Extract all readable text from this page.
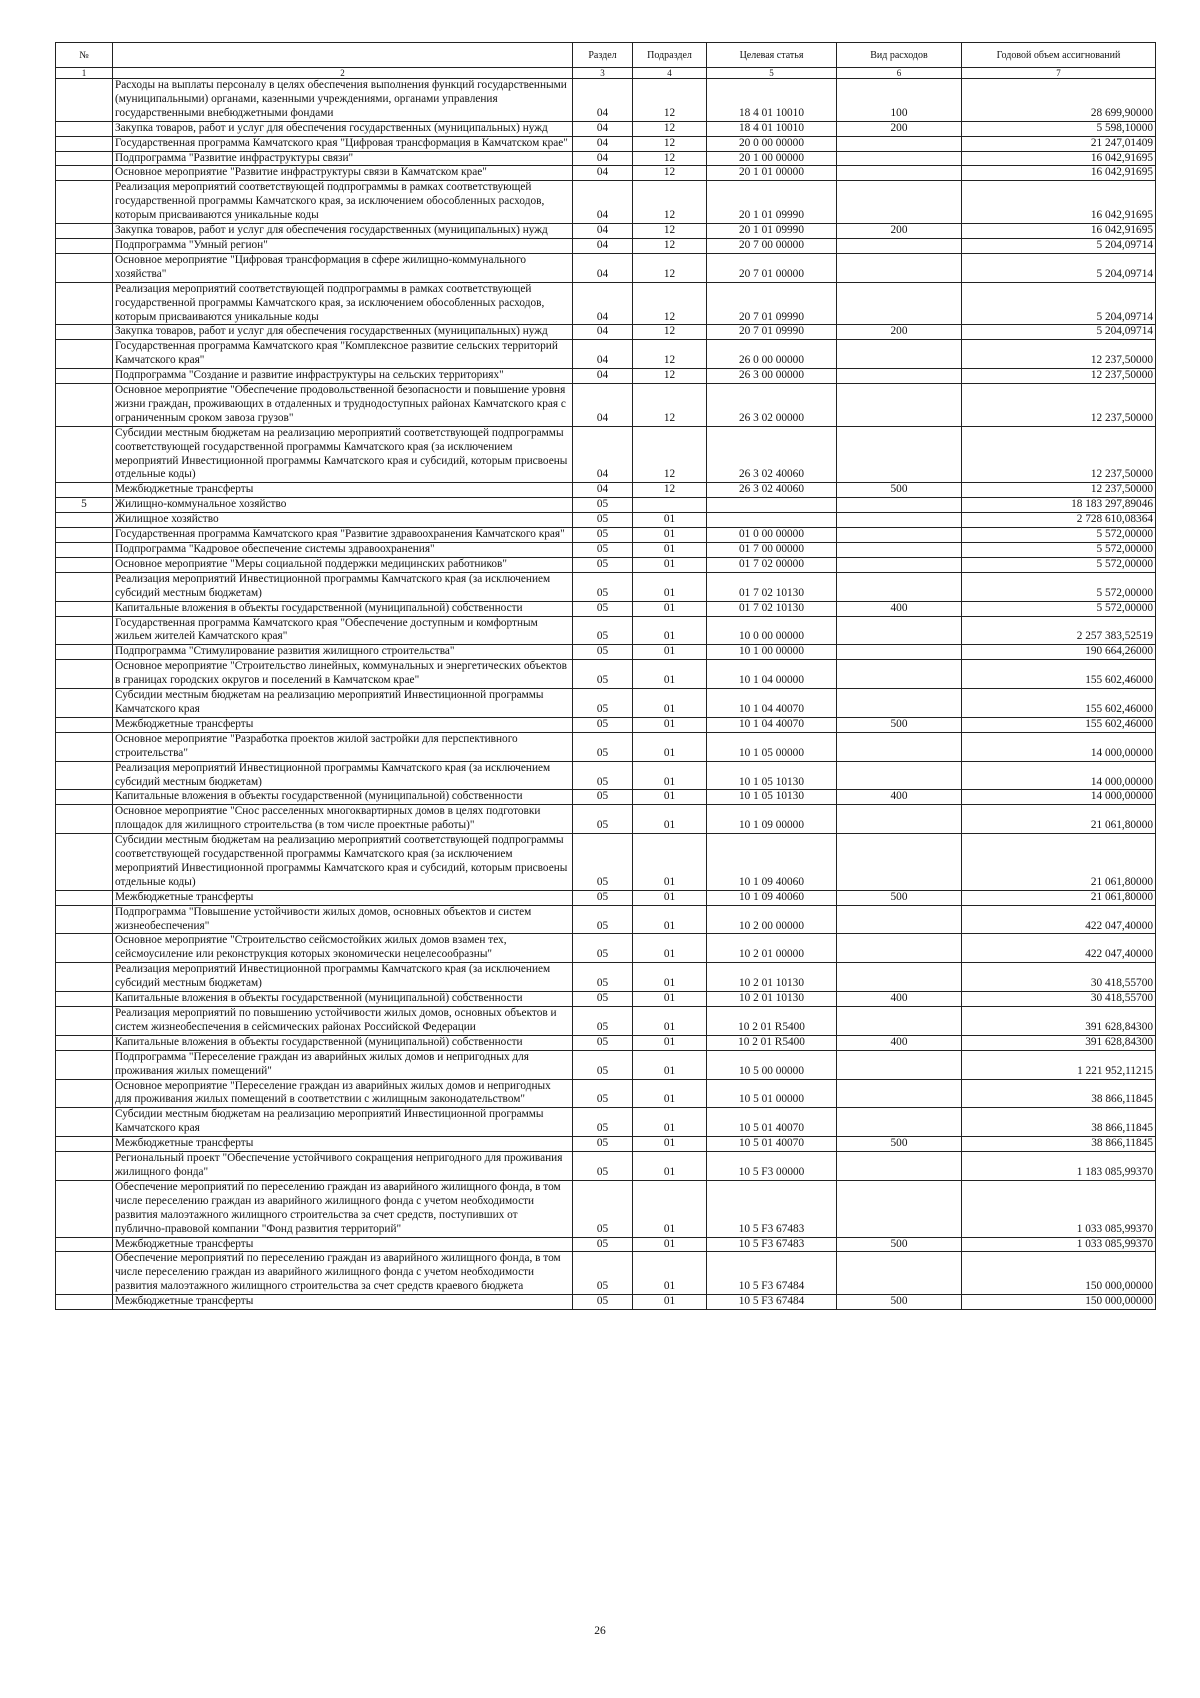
№		Раздел	Подраздел	Целевая статья	Вид расходов	Годовой объем ассигнований
1	2	3	4	5	6	7
	Расходы на выплаты персоналу в целях обеспечения выполнения функций государственными (муниципальными) органами, казенными учреждениями, органами управления государственными внебюджетными фондами	04	12	18 4 01 10010	100	28 699,90000
	Закупка товаров, работ и услуг для обеспечения государственных (муниципальных) нужд	04	12	18 4 01 10010	200	5 598,10000
	Государственная программа Камчатского края "Цифровая трансформация в Камчатском крае"	04	12	20 0 00 00000		21 247,01409
	Подпрограмма "Развитие инфраструктуры связи"	04	12	20 1 00 00000		16 042,91695
	Основное мероприятие "Развитие инфраструктуры связи в Камчатском крае"	04	12	20 1 01 00000		16 042,91695
	Реализация мероприятий соответствующей подпрограммы в рамках соответствующей государственной программы Камчатского края, за исключением обособленных расходов, которым присваиваются уникальные коды	04	12	20 1 01 09990		16 042,91695
	Закупка товаров, работ и услуг для обеспечения государственных (муниципальных) нужд	04	12	20 1 01 09990	200	16 042,91695
	Подпрограмма "Умный регион"	04	12	20 7 00 00000		5 204,09714
	Основное мероприятие "Цифровая трансформация в сфере жилищно-коммунального хозяйства"	04	12	20 7 01 00000		5 204,09714
	Реализация мероприятий соответствующей подпрограммы в рамках соответствующей государственной программы Камчатского края, за исключением обособленных расходов, которым присваиваются уникальные коды	04	12	20 7 01 09990		5 204,09714
	Закупка товаров, работ и услуг для обеспечения государственных (муниципальных) нужд	04	12	20 7 01 09990	200	5 204,09714
	Государственная программа Камчатского края "Комплексное развитие сельских территорий Камчатского края"	04	12	26 0 00 00000		12 237,50000
	Подпрограмма "Создание и развитие инфраструктуры на сельских территориях"	04	12	26 3 00 00000		12 237,50000
	Основное мероприятие "Обеспечение продовольственной безопасности и повышение уровня жизни граждан, проживающих в отдаленных и труднодоступных районах Камчатского края с ограниченным сроком завоза грузов"	04	12	26 3 02 00000		12 237,50000
	Субсидии местным бюджетам на реализацию мероприятий соответствующей подпрограммы соответствующей государственной программы Камчатского края (за исключением мероприятий Инвестиционной программы Камчатского края и субсидий, которым присвоены отдельные коды)	04	12	26 3 02 40060		12 237,50000
	Межбюджетные трансферты	04	12	26 3 02 40060	500	12 237,50000
5	Жилищно-коммунальное хозяйство	05				18 183 297,89046
	Жилищное хозяйство	05	01			2 728 610,08364
	Государственная программа Камчатского края "Развитие здравоохранения Камчатского края"	05	01	01 0 00 00000		5 572,00000
	Подпрограмма "Кадровое обеспечение системы здравоохранения"	05	01	01 7 00 00000		5 572,00000
	Основное мероприятие "Меры социальной поддержки медицинских работников"	05	01	01 7 02 00000		5 572,00000
	Реализация мероприятий Инвестиционной программы Камчатского края (за исключением субсидий местным бюджетам)	05	01	01 7 02 10130		5 572,00000
	Капитальные вложения в объекты государственной (муниципальной) собственности	05	01	01 7 02 10130	400	5 572,00000
	Государственная программа Камчатского края "Обеспечение доступным и комфортным жильем жителей Камчатского края"	05	01	10 0 00 00000		2 257 383,52519
	Подпрограмма "Стимулирование развития жилищного строительства"	05	01	10 1 00 00000		190 664,26000
	Основное мероприятие "Строительство линейных, коммунальных и энергетических объектов в границах городских округов и поселений в Камчатском крае"	05	01	10 1 04 00000		155 602,46000
	Субсидии местным бюджетам на реализацию мероприятий Инвестиционной программы Камчатского края	05	01	10 1 04 40070		155 602,46000
	Межбюджетные трансферты	05	01	10 1 04 40070	500	155 602,46000
	Основное мероприятие "Разработка проектов жилой застройки для перспективного строительства"	05	01	10 1 05 00000		14 000,00000
	Реализация мероприятий Инвестиционной программы Камчатского края (за исключением субсидий местным бюджетам)	05	01	10 1 05 10130		14 000,00000
	Капитальные вложения в объекты государственной (муниципальной) собственности	05	01	10 1 05 10130	400	14 000,00000
	Основное мероприятие "Снос расселенных многоквартирных домов в целях подготовки площадок для жилищного строительства (в том числе проектные работы)"	05	01	10 1 09 00000		21 061,80000
	Субсидии местным бюджетам на реализацию мероприятий соответствующей подпрограммы соответствующей государственной программы Камчатского края (за исключением мероприятий Инвестиционной программы Камчатского края и субсидий, которым присвоены отдельные коды)	05	01	10 1 09 40060		21 061,80000
	Межбюджетные трансферты	05	01	10 1 09 40060	500	21 061,80000
	Подпрограмма "Повышение устойчивости жилых домов, основных объектов и систем жизнеобеспечения"	05	01	10 2 00 00000		422 047,40000
	Основное мероприятие "Строительство сейсмостойких жилых домов взамен тех, сейсмоусиление или реконструкция которых экономически нецелесообразны"	05	01	10 2 01 00000		422 047,40000
	Реализация мероприятий Инвестиционной программы Камчатского края (за исключением субсидий местным бюджетам)	05	01	10 2 01 10130		30 418,55700
	Капитальные вложения в объекты государственной (муниципальной) собственности	05	01	10 2 01 10130	400	30 418,55700
	Реализация мероприятий по повышению устойчивости жилых домов, основных объектов и систем жизнеобеспечения в сейсмических районах Российской Федерации	05	01	10 2 01 R5400		391 628,84300
	Капитальные вложения в объекты государственной (муниципальной) собственности	05	01	10 2 01 R5400	400	391 628,84300
	Подпрограмма "Переселение граждан из аварийных жилых домов и непригодных для проживания жилых помещений"	05	01	10 5 00 00000		1 221 952,11215
	Основное мероприятие "Переселение граждан из аварийных жилых домов и непригодных для проживания жилых помещений в соответствии с жилищным законодательством"	05	01	10 5 01 00000		38 866,11845
	Субсидии местным бюджетам на реализацию мероприятий Инвестиционной программы Камчатского края	05	01	10 5 01 40070		38 866,11845
	Межбюджетные трансферты	05	01	10 5 01 40070	500	38 866,11845
	Региональный проект "Обеспечение устойчивого сокращения непригодного для проживания жилищного фонда"	05	01	10 5 F3 00000		1 183 085,99370
	Обеспечение мероприятий по переселению граждан из аварийного жилищного фонда, в том числе переселению граждан из аварийного жилищного фонда с учетом необходимости развития малоэтажного жилищного строительства за счет средств, поступивших от публично-правовой компании "Фонд развития территорий"	05	01	10 5 F3 67483		1 033 085,99370
	Межбюджетные трансферты	05	01	10 5 F3 67483	500	1 033 085,99370
	Обеспечение мероприятий по переселению граждан из аварийного жилищного фонда, в том числе переселению граждан из аварийного жилищного фонда с учетом необходимости развития малоэтажного жилищного строительства за счет средств краевого бюджета	05	01	10 5 F3 67484		150 000,00000
	Межбюджетные трансферты	05	01	10 5 F3 67484	500	150 000,00000
26
